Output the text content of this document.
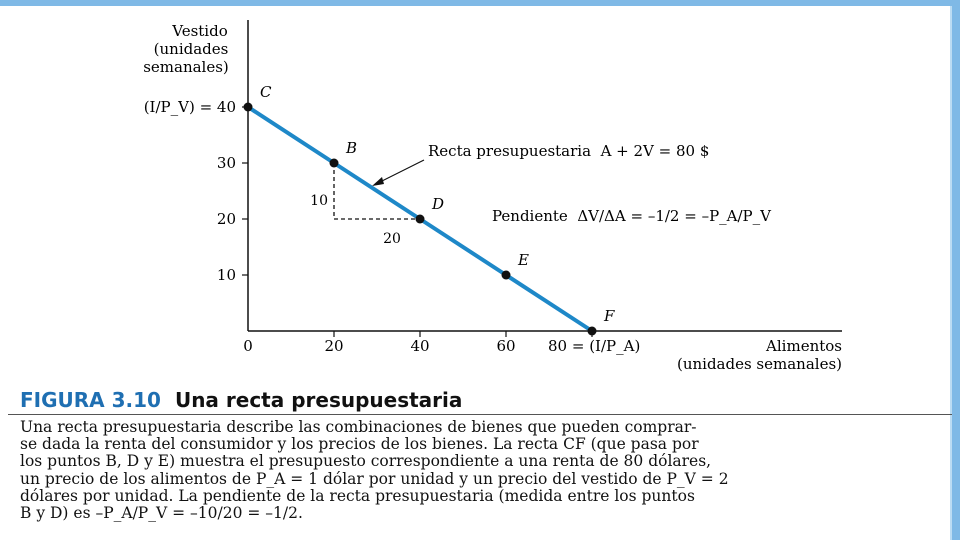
Vestido
(unidades
semanales)
Alimentos
(unidades semanales)
0	20	40	60 80 = (I/P_A)
10
20
30
(I/P_V) = 40
C
B
D
E
F
Recta presupuestaria  A + 2V = 80 $
Pendiente  ΔV/ΔA = –1/2 = –P_A/P_V
10
20
FIGURA 3.10 Una recta presupuestaria
Una recta presupuestaria describe las combinaciones de bienes que pueden comprar-
se dada la renta del consumidor y los precios de los bienes. La recta CF (que pasa por
los puntos B, D y E) muestra el presupuesto correspondiente a una renta de 80 dólares,
un precio de los alimentos de P_A = 1 dólar por unidad y un precio del vestido de P_V = 2
dólares por unidad. La pendiente de la recta presupuestaria (medida entre los puntos
B y D) es –P_A/P_V = –10/20 = –1/2.
